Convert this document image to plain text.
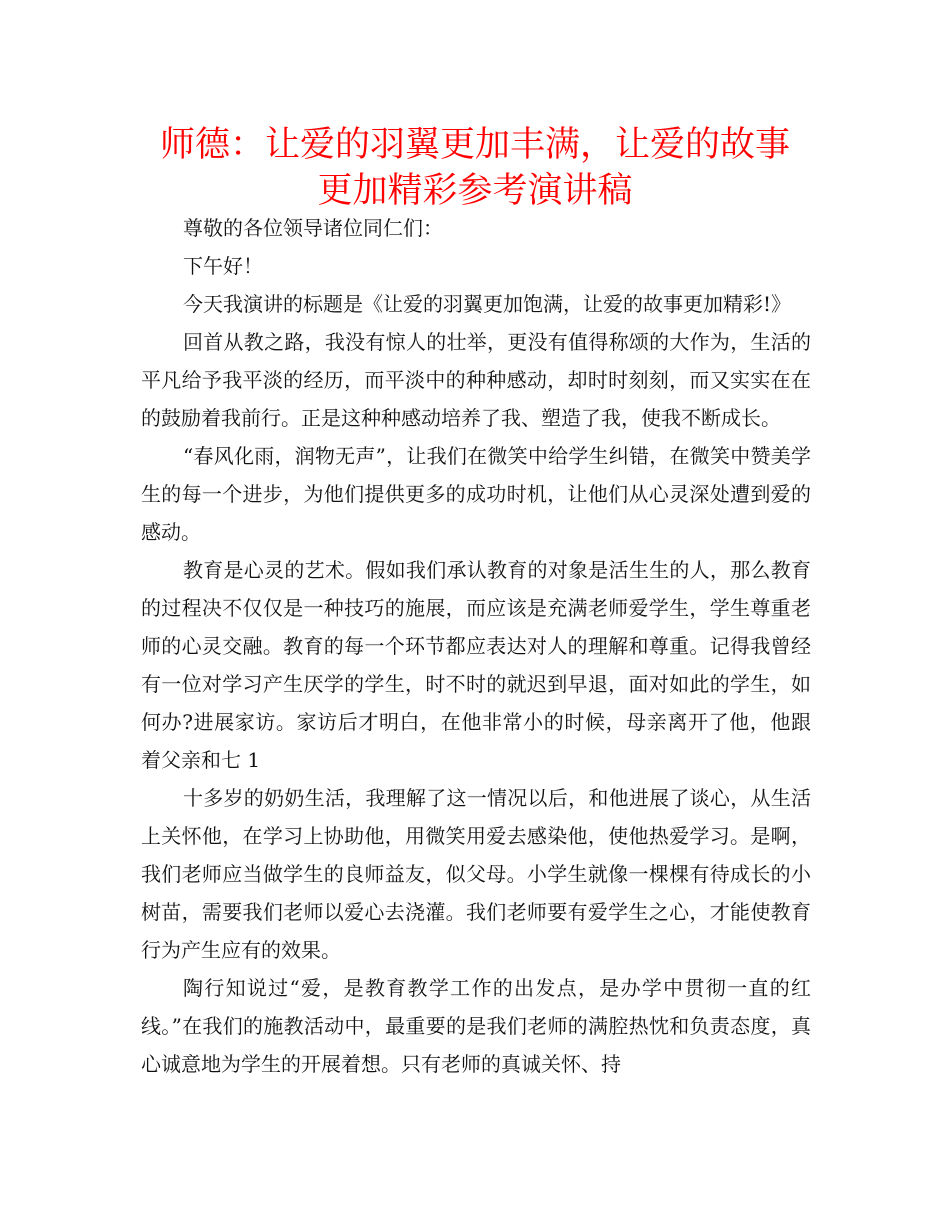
师德：让爱的羽翼更加丰满，让爱的故事
更加精彩参考演讲稿

尊敬的各位领导诸位同仁们：

下午好！

今天我演讲的标题是《让爱的羽翼更加饱满，让爱的故事更加精彩!》

回首从教之路，我没有惊人的壮举，更没有值得称颂的大作为，生活的平凡给予我平淡的经历，而平淡中的种种感动，却时时刻刻，而又实实在在的鼓励着我前行。正是这种种感动培养了我、塑造了我，使我不断成长。

“春风化雨，润物无声”，让我们在微笑中给学生纠错，在微笑中赞美学生的每一个进步，为他们提供更多的成功时机，让他们从心灵深处遭到爱的感动。

教育是心灵的艺术。假如我们承认教育的对象是活生生的人，那么教育的过程决不仅仅是一种技巧的施展，而应该是充满老师爱学生，学生尊重老师的心灵交融。教育的每一个环节都应表达对人的理解和尊重。记得我曾经有一位对学习产生厌学的学生，时不时的就迟到早退，面对如此的学生，如何办?进展家访。家访后才明白，在他非常小的时候，母亲离开了他，他跟着父亲和七 1

十多岁的奶奶生活，我理解了这一情况以后，和他进展了谈心，从生活上关怀他，在学习上协助他，用微笑用爱去感染他，使他热爱学习。是啊，我们老师应当做学生的良师益友，似父母。小学生就像一棵棵有待成长的小树苗，需要我们老师以爱心去浇灌。我们老师要有爱学生之心，才能使教育行为产生应有的效果。

陶行知说过“爱，是教育教学工作的出发点，是办学中贯彻一直的红线。”在我们的施教活动中，最重要的是我们老师的满腔热忱和负责态度，真心诚意地为学生的开展着想。只有老师的真诚关怀、持
